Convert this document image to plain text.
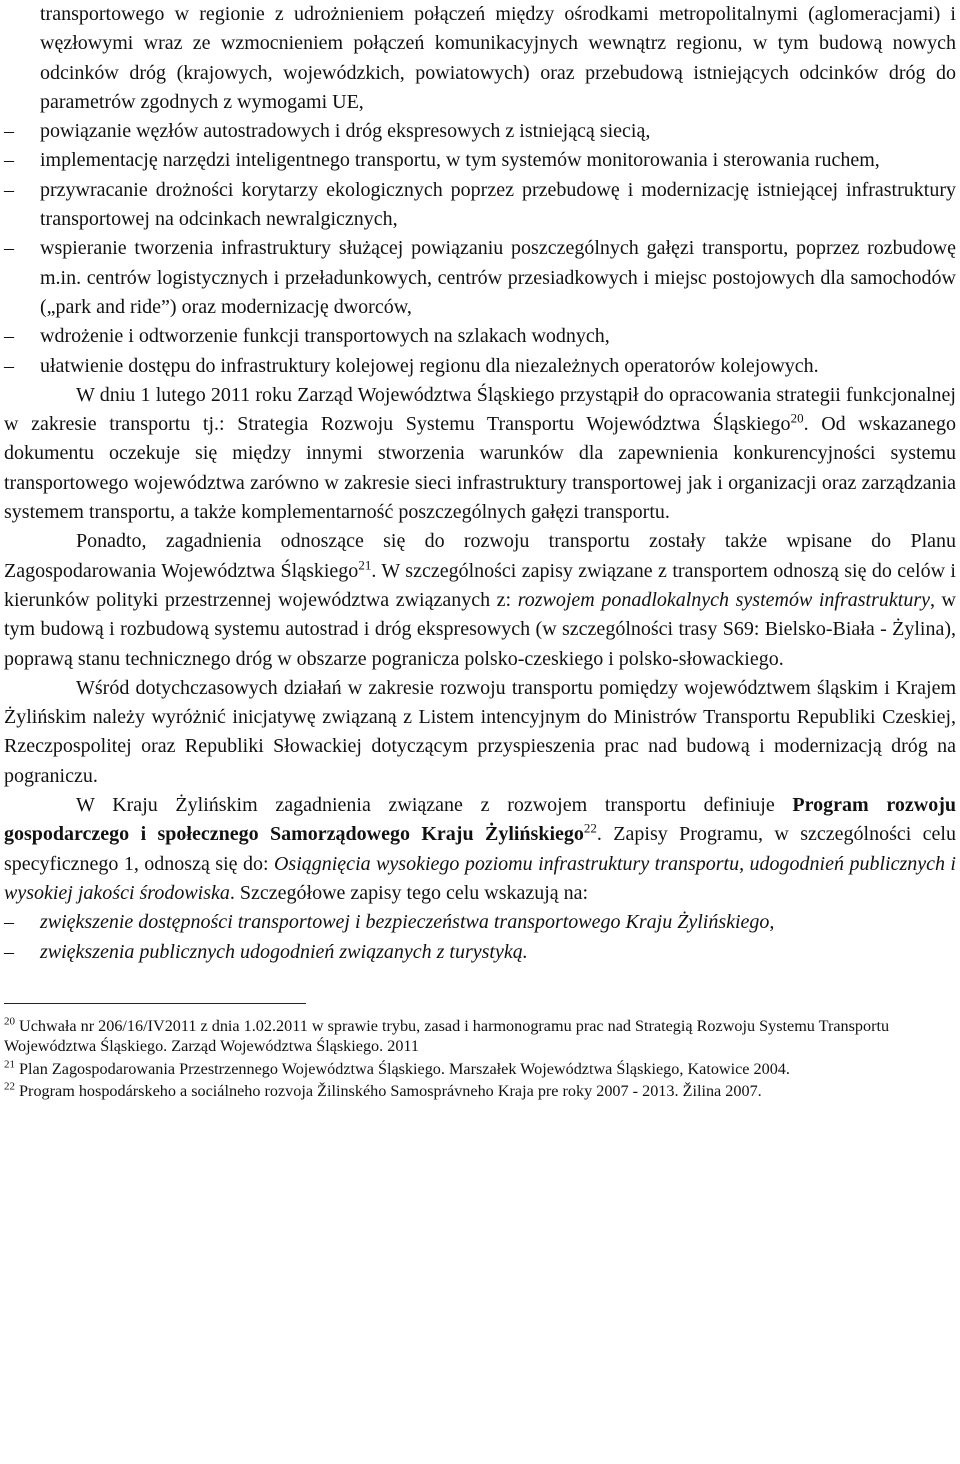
transportowego w regionie z udrożnieniem połączeń między ośrodkami metropolitalnymi (aglomeracjami) i węzłowymi wraz ze wzmocnieniem połączeń komunikacyjnych wewnątrz regionu, w tym budową nowych odcinków dróg (krajowych, wojewódzkich, powiatowych) oraz przebudową istniejących odcinków dróg do parametrów zgodnych z wymogami UE,

–	powiązanie węzłów autostradowych i dróg ekspresowych z istniejącą siecią,

–	implementację narzędzi inteligentnego transportu, w tym systemów monitorowania i sterowania ruchem,

–	przywracanie drożności korytarzy ekologicznych poprzez przebudowę i modernizację istniejącej infrastruktury transportowej na odcinkach newralgicznych,

–	wspieranie tworzenia infrastruktury służącej powiązaniu poszczególnych gałęzi transportu, poprzez rozbudowę m.in. centrów logistycznych i przeładunkowych, centrów przesiadkowych i miejsc postojowych dla samochodów („park and ride”) oraz modernizację dworców,

–	wdrożenie i odtworzenie funkcji transportowych na szlakach wodnych,

–	ułatwienie dostępu do infrastruktury kolejowej regionu dla niezależnych operatorów kolejowych.

W dniu 1 lutego 2011 roku Zarząd Województwa Śląskiego przystąpił do opracowania strategii funkcjonalnej w zakresie transportu tj.: Strategia Rozwoju Systemu Transportu Województwa Śląskiego$^{20}$. Od wskazanego dokumentu oczekuje się między innymi stworzenia warunków dla zapewnienia konkurencyjności systemu transportowego województwa zarówno w zakresie sieci infrastruktury transportowej jak i organizacji oraz zarządzania systemem transportu, a także komplementarność poszczególnych gałęzi transportu.

Ponadto, zagadnienia odnoszące się do rozwoju transportu zostały także wpisane do Planu Zagospodarowania Województwa Śląskiego$^{21}$. W szczególności zapisy związane z transportem odnoszą się do celów i kierunków polityki przestrzennej województwa związanych z: rozwojem ponadlokalnych systemów infrastruktury, w tym budową i rozbudową systemu autostrad i dróg ekspresowych (w szczególności trasy S69: Bielsko-Biała - Żylina), poprawą stanu technicznego dróg w obszarze pogranicza polsko-czeskiego i polsko-słowackiego.

Wśród dotychczasowych działań w zakresie rozwoju transportu pomiędzy województwem śląskim i Krajem Żylińskim należy wyróżnić inicjatywę związaną z Listem intencyjnym do Ministrów Transportu Republiki Czeskiej, Rzeczpospolitej oraz Republiki Słowackiej dotyczącym przyspieszenia prac nad budową i modernizacją dróg na pograniczu.

W Kraju Żylińskim zagadnienia związane z rozwojem transportu definiuje Program rozwoju gospodarczego i społecznego Samorządowego Kraju Żylińskiego$^{22}$. Zapisy Programu, w szczególności celu specyficznego 1, odnoszą się do: Osiągnięcia wysokiego poziomu infrastruktury transportu, udogodnień publicznych i wysokiej jakości środowiska. Szczegółowe zapisy tego celu wskazują na:

–	zwiększenie dostępności transportowej i bezpieczeństwa transportowego Kraju Żylińskiego,

–	zwiększenia publicznych udogodnień związanych z turystyką.

$^{20}$ Uchwała nr 206/16/IV2011 z dnia 1.02.2011 w sprawie trybu, zasad i harmonogramu prac nad Strategią Rozwoju Systemu Transportu Województwa Śląskiego. Zarząd Województwa Śląskiego. 2011

$^{21}$ Plan Zagospodarowania Przestrzennego Województwa Śląskiego. Marszałek Województwa Śląskiego, Katowice 2004.

$^{22}$ Program hospodárskeho a sociálneho rozvoja Žilinského Samosprávneho Kraja pre roky 2007 - 2013. Žilina 2007.
